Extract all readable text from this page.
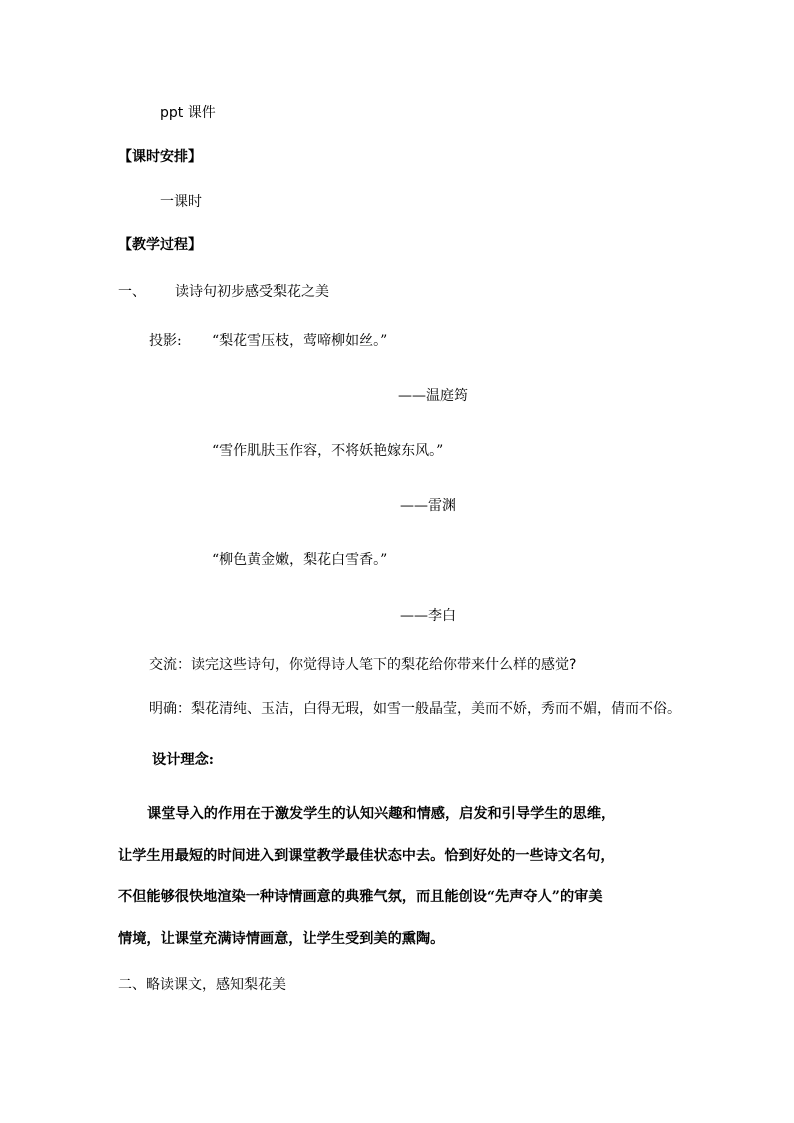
ppt 课件
【课时安排】
一课时
【教学过程】
一、 读诗句初步感受梨花之美
投影: “梨花雪压枝，莺啼柳如丝。”
——温庭筠
“雪作肌肤玉作容，不将妖艳嫁东风。”
——雷渊
“柳色黄金嫩，梨花白雪香。”
——李白
交流：读完这些诗句，你觉得诗人笔下的梨花给你带来什么样的感觉?
明确：梨花清纯、玉洁，白得无瑕，如雪一般晶莹，美而不娇，秀而不媚，倩而不俗。
设计理念:
课堂导入的作用在于激发学生的认知兴趣和情感，启发和引导学生的思维，
让学生用最短的时间进入到课堂教学最佳状态中去。恰到好处的一些诗文名句，
不但能够很快地渲染一种诗情画意的典雅气氛，而且能创设“先声夺人”的审美
情境，让课堂充满诗情画意，让学生受到美的熏陶。
二、略读课文，感知梨花美
